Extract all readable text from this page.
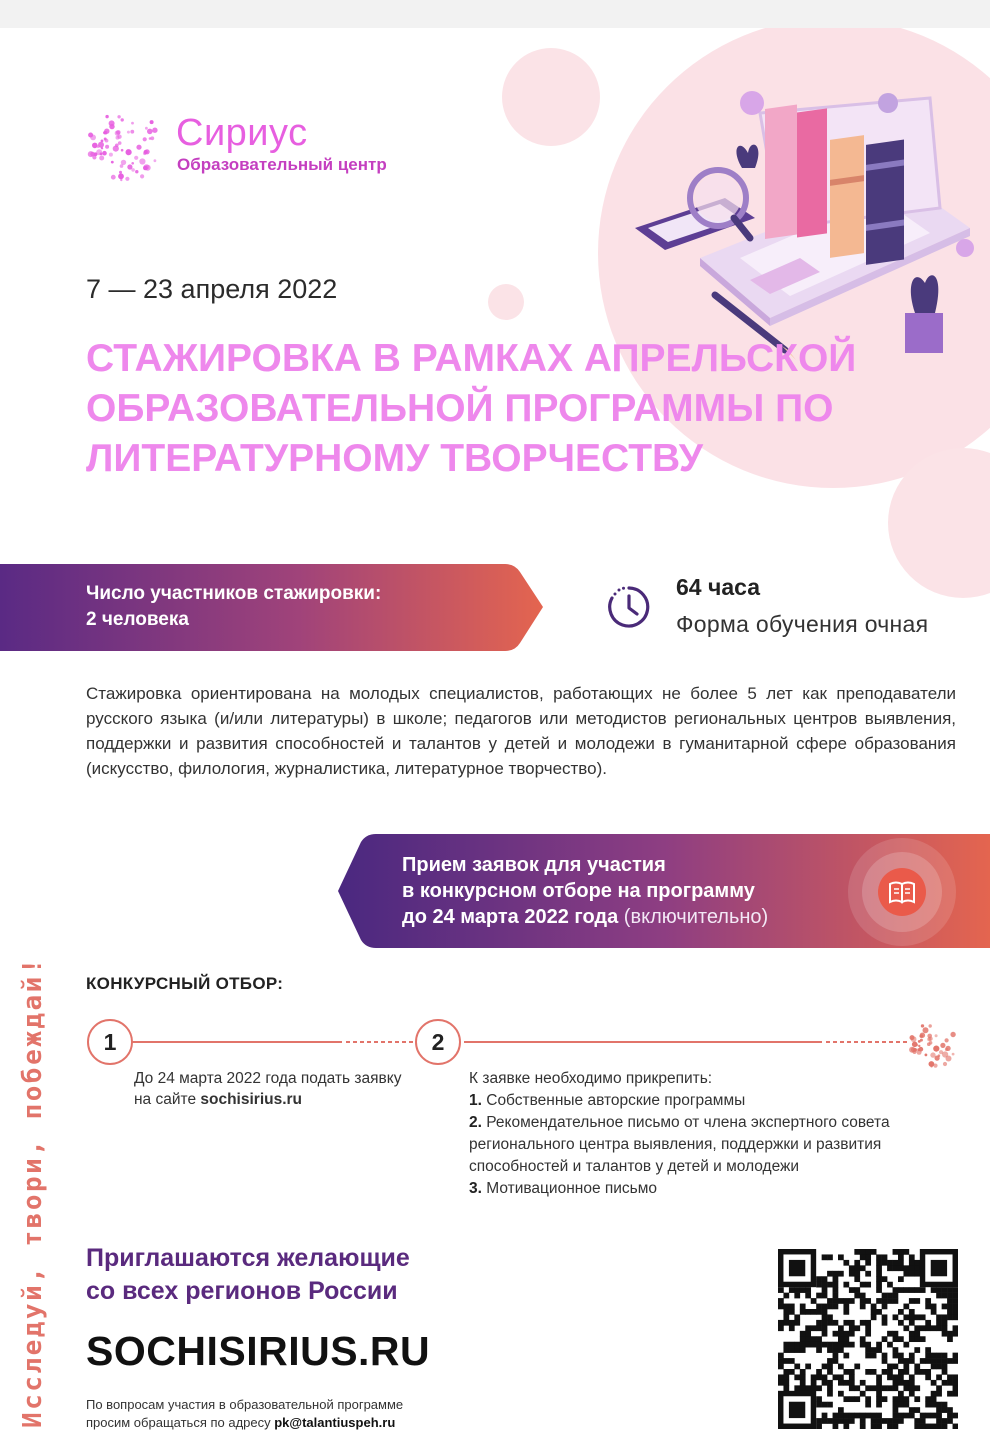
Сириус
Образовательный центр
7 — 23 апреля 2022
СТАЖИРОВКА В РАМКАХ АПРЕЛЬСКОЙ ОБРАЗОВАТЕЛЬНОЙ ПРОГРАММЫ ПО ЛИТЕРАТУРНОМУ ТВОРЧЕСТВУ
Число участников стажировки:
2 человека
64 часа
Форма обучения очная
Стажировка ориентирована на молодых специалистов, работающих не более 5 лет как преподаватели русского языка (и/или литературы) в школе; педагогов или методистов региональных центров выявления, поддержки и развития способностей и талантов у детей и молодежи в гуманитарной сфере образования (искусство, филология, журналистика, литературное творчество).
Прием заявок для участия
в конкурсном отборе на программу
до 24 марта 2022 года (включительно)
Исследуй, твори, побеждай! КОНКУРСНЫЙ ОТБОР:
1	2
До 24 марта 2022 года подать заявку на сайте sochisirius.ru
К заявке необходимо прикрепить:
1. Собственные авторские программы
2. Рекомендательное письмо от члена экспертного совета регионального центра выявления, поддержки и развития способностей и талантов у детей и молодежи
3. Мотивационное письмо
Приглашаются желающие
со всех регионов России
SOCHISIRIUS.RU
По вопросам участия в образовательной программе
просим обращаться по адресу pk@talantiuspeh.ru
